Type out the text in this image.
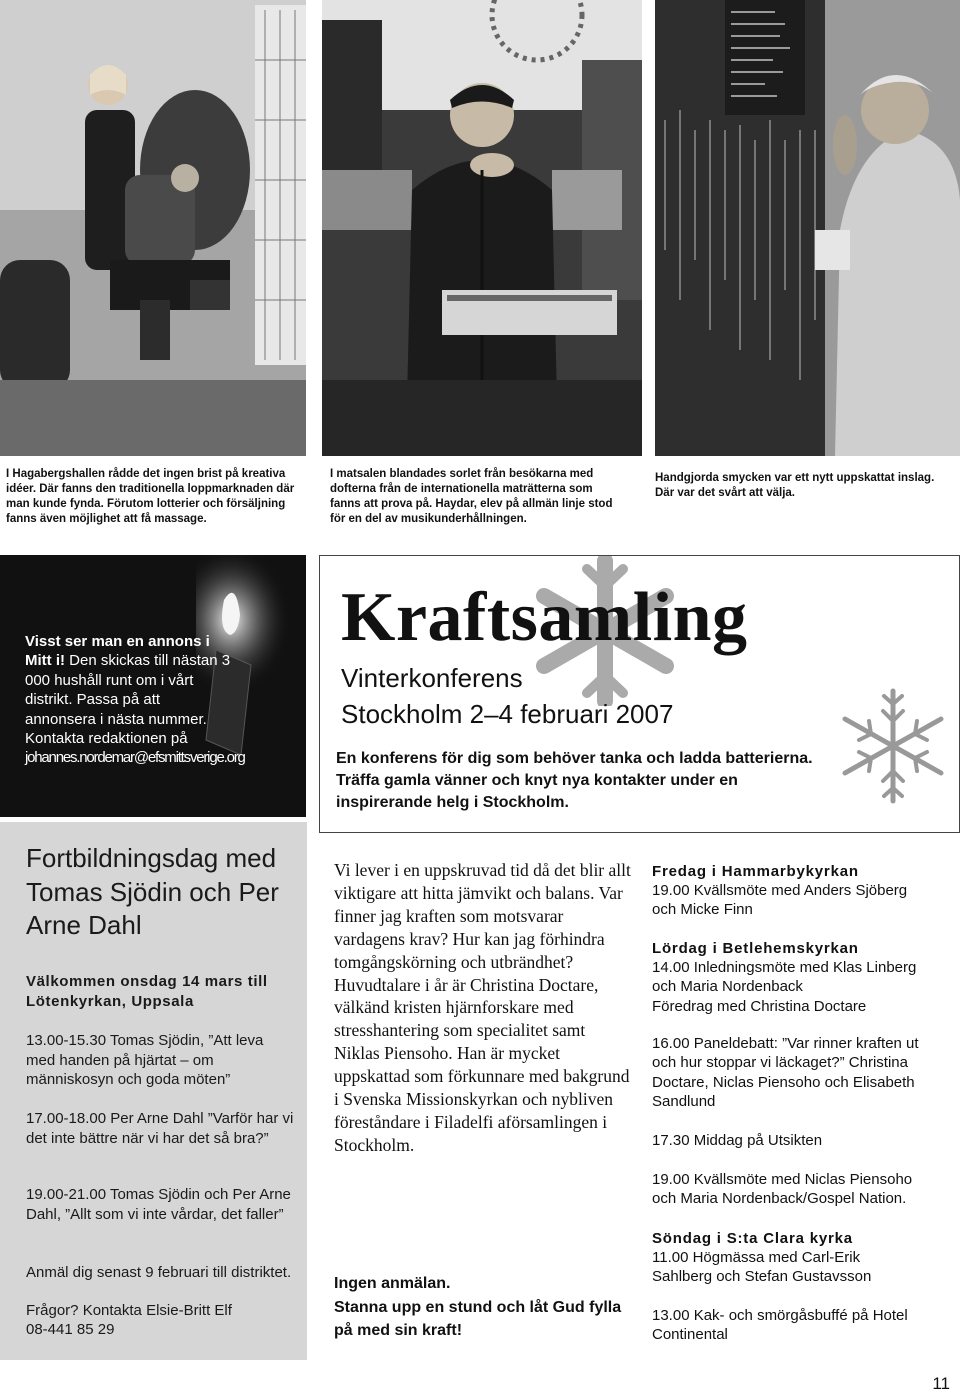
I Hagabergshallen rådde det ingen brist på kreativa idéer. Där fanns den traditionella loppmarknaden där man kunde fynda. Förutom lotterier och försäljning fanns även möjlighet att få massage.
I matsalen blandades sorlet från besökarna med dofterna från de internationella maträtterna som fanns att prova på. Haydar, elev på allmän linje stod för en del av musikunderhållningen.
Handgjorda smycken var ett nytt uppskattat inslag. Där var det svårt att välja.
Visst ser man en annons i Mitt i! Den skickas till nästan 3 000 hushåll runt om i vårt distrikt. Passa på att annonsera i nästa nummer. Kontakta redaktionen på
johannes.nordemar@efsmittsverige.org
Kraftsamling
Vinterkonferens
Stockholm 2–4 februari 2007
En konferens för dig som behöver tanka och ladda batterierna. Träffa gamla vänner och knyt nya kontakter under en inspirerande helg i Stockholm.
Fortbildningsdag med Tomas Sjödin och Per Arne Dahl
Välkommen onsdag 14 mars till Lötenkyrkan, Uppsala
13.00-15.30 Tomas Sjödin, ”Att leva med handen på hjärtat – om människosyn och goda möten”
17.00-18.00 Per Arne Dahl ”Varför har vi det inte bättre när vi har det så bra?”
19.00-21.00 Tomas Sjödin och Per Arne Dahl, ”Allt som vi inte vårdar, det faller”
Anmäl dig senast 9 februari till distriktet.
Frågor? Kontakta Elsie-Britt Elf
08-441 85 29
Vi lever i en uppskruvad tid då det blir allt viktigare att hitta jämvikt och balans. Var finner jag kraften som motsvarar vardagens krav? Hur kan jag förhindra tomgångskörning och utbrändhet? Huvudtalare i år är Christina Doctare, välkänd kristen hjärnforskare med stresshantering som specialitet samt Niklas Piensoho. Han är mycket uppskattad som förkunnare med bakgrund i Svenska Missionskyrkan och nybliven föreståndare i Filadelfi aförsamlingen i Stockholm.
Ingen anmälan.
Stanna upp en stund och låt Gud fylla på med sin kraft!
Fredag i Hammarbykyrkan
19.00 Kvällsmöte med Anders Sjöberg och Micke Finn
Lördag i Betlehemskyrkan
14.00 Inledningsmöte med Klas Linberg och Maria Nordenback
Föredrag med Christina Doctare
16.00 Paneldebatt: ”Var rinner kraften ut och hur stoppar vi läckaget?” Christina Doctare, Niclas Piensoho och Elisabeth Sandlund
17.30 Middag på Utsikten
19.00 Kvällsmöte med Niclas Piensoho och Maria Nordenback/Gospel Nation.
Söndag i S:ta Clara kyrka
11.00 Högmässa med Carl-Erik Sahlberg och Stefan Gustavsson
13.00 Kak- och smörgåsbuffé på Hotel Continental
11
